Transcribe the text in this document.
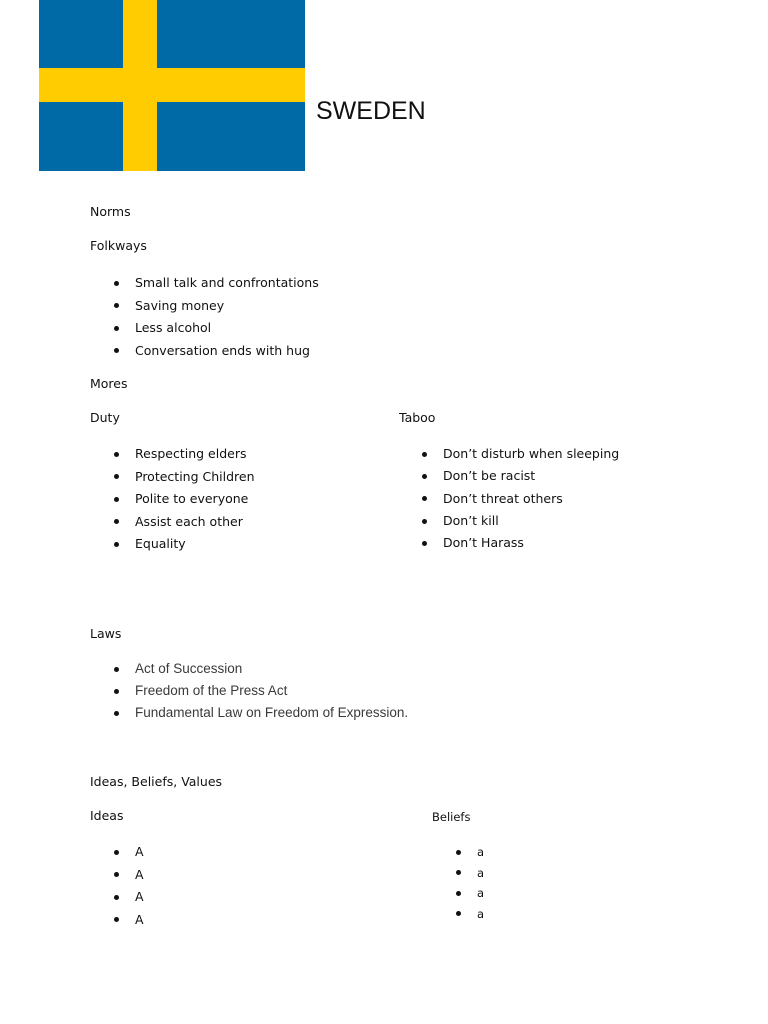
SWEDEN
Norms
Folkways
Small talk and confrontations
Saving money
Less alcohol
Conversation ends with hug
Mores
Duty	Taboo
Respecting elders
Protecting Children
Polite to everyone
Assist each other
Equality
Don’t disturb when sleeping
Don’t be racist
Don’t threat others
Don’t kill
Don’t Harass
Laws
Act of Succession
Freedom of the Press Act
Fundamental Law on Freedom of Expression.
Ideas, Beliefs, Values
Ideas	Beliefs
A
A
A
A
a
a
a
a
